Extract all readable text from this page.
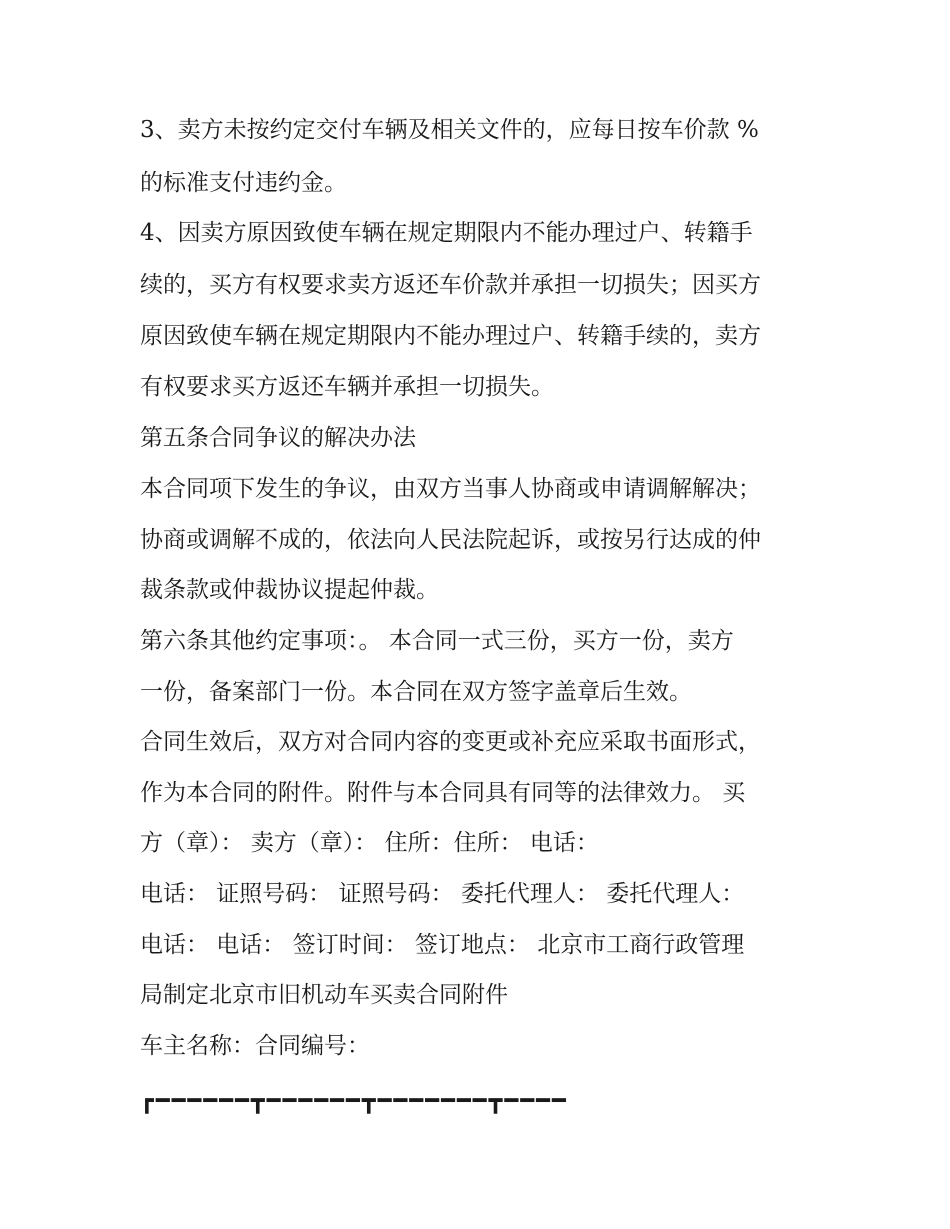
3、卖方未按约定交付车辆及相关文件的，应每日按车价款 %
的标准支付违约金。
4、因卖方原因致使车辆在规定期限内不能办理过户、转籍手
续的，买方有权要求卖方返还车价款并承担一切损失；因买方
原因致使车辆在规定期限内不能办理过户、转籍手续的，卖方
有权要求买方返还车辆并承担一切损失。
第五条合同争议的解决办法
本合同项下发生的争议，由双方当事人协商或申请调解解决；
协商或调解不成的，依法向人民法院起诉，或按另行达成的仲
裁条款或仲裁协议提起仲裁。
第六条其他约定事项：。 本合同一式三份，买方一份，卖方
一份，备案部门一份。本合同在双方签字盖章后生效。
合同生效后，双方对合同内容的变更或补充应采取书面形式，
作为本合同的附件。附件与本合同具有同等的法律效力。 买
方（章）： 卖方（章）： 住所：住所： 电话：
电话： 证照号码： 证照号码： 委托代理人： 委托代理人：
电话： 电话： 签订时间： 签订地点： 北京市工商行政管理
局制定北京市旧机动车买卖合同附件
车主名称：合同编号：
┏━━━━━━┳━━━━━━┳━━━━━━━┳━━━━
